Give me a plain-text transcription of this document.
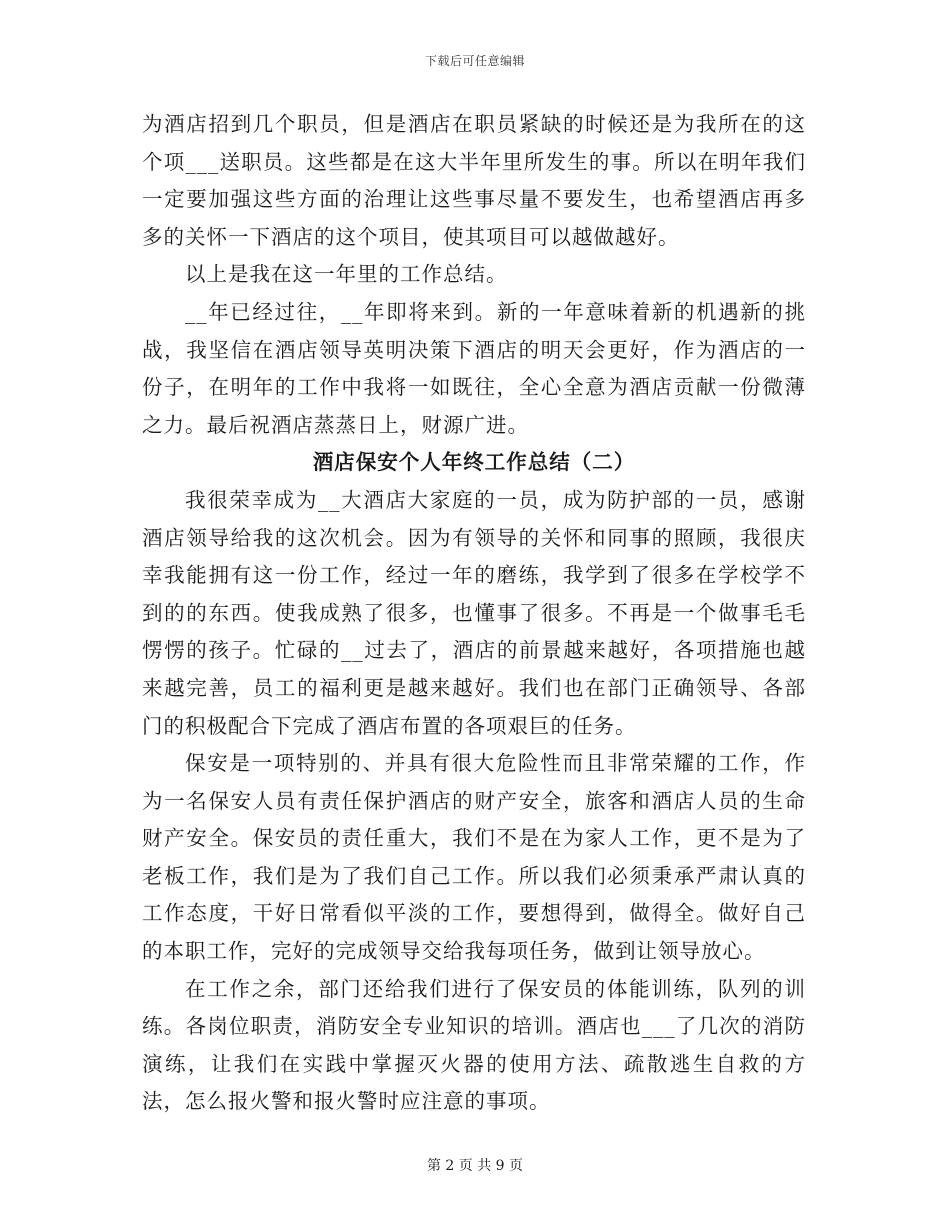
下载后可任意编辑

为酒店招到几个职员，但是酒店在职员紧缺的时候还是为我所在的这个项___送职员。这些都是在这大半年里所发生的事。所以在明年我们一定要加强这些方面的治理让这些事尽量不要发生，也希望酒店再多多的关怀一下酒店的这个项目，使其项目可以越做越好。

以上是我在这一年里的工作总结。

__年已经过往，__年即将来到。新的一年意味着新的机遇新的挑战，我坚信在酒店领导英明决策下酒店的明天会更好，作为酒店的一份子，在明年的工作中我将一如既往，全心全意为酒店贡献一份微薄之力。最后祝酒店蒸蒸日上，财源广进。

酒店保安个人年终工作总结（二）

我很荣幸成为__大酒店大家庭的一员，成为防护部的一员，感谢酒店领导给我的这次机会。因为有领导的关怀和同事的照顾，我很庆幸我能拥有这一份工作，经过一年的磨练，我学到了很多在学校学不到的的东西。使我成熟了很多，也懂事了很多。不再是一个做事毛毛愣愣的孩子。忙碌的__过去了，酒店的前景越来越好，各项措施也越来越完善，员工的福利更是越来越好。我们也在部门正确领导、各部门的积极配合下完成了酒店布置的各项艰巨的任务。

保安是一项特别的、并具有很大危险性而且非常荣耀的工作，作为一名保安人员有责任保护酒店的财产安全，旅客和酒店人员的生命财产安全。保安员的责任重大，我们不是在为家人工作，更不是为了老板工作，我们是为了我们自己工作。所以我们必须秉承严肃认真的工作态度，干好日常看似平淡的工作，要想得到，做得全。做好自己的本职工作，完好的完成领导交给我每项任务，做到让领导放心。

在工作之余，部门还给我们进行了保安员的体能训练，队列的训练。各岗位职责，消防安全专业知识的培训。酒店也___了几次的消防演练，让我们在实践中掌握灭火器的使用方法、疏散逃生自救的方法，怎么报火警和报火警时应注意的事项。

第 2 页 共 9 页
